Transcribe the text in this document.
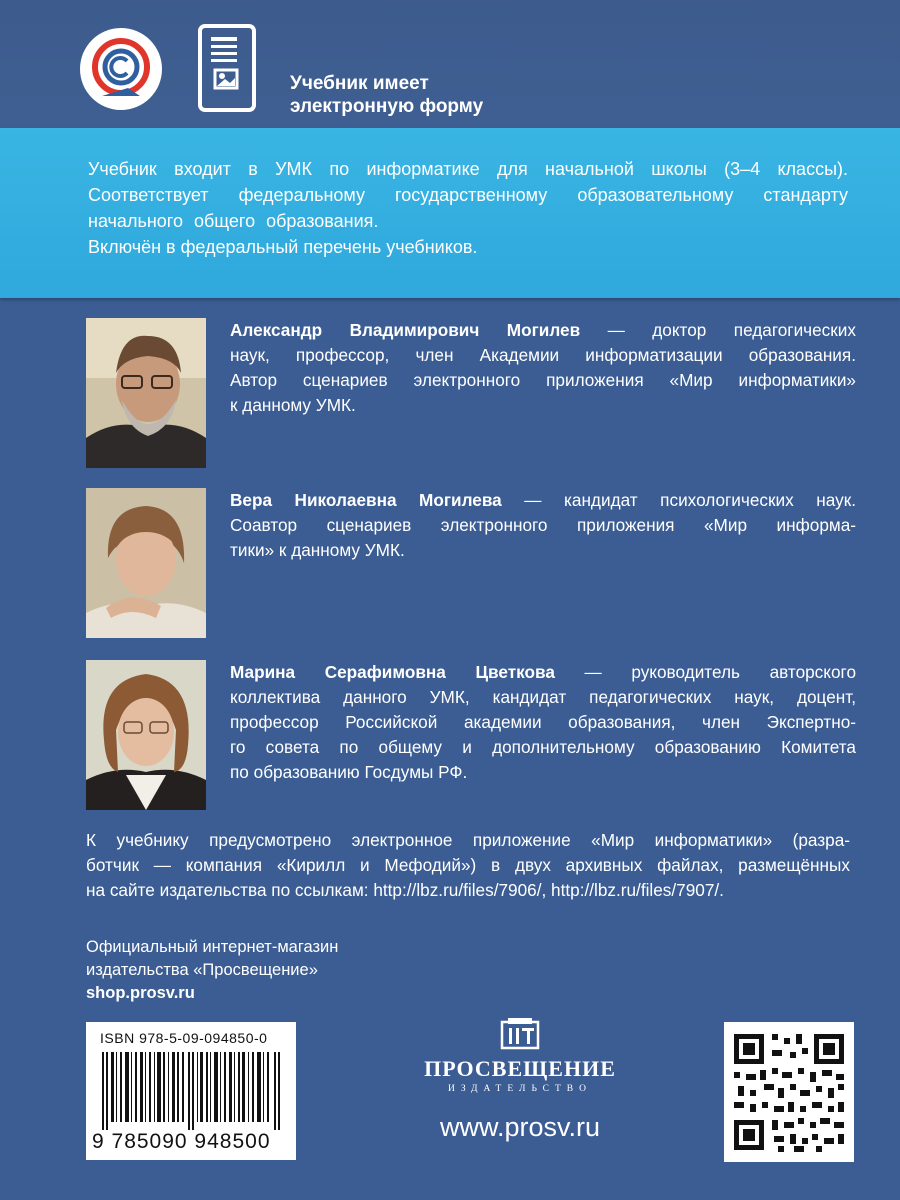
Учебник имеет
электронную форму
Учебник входит в УМК по информатике для начальной школы (3–4 классы).
Соответствует федеральному государственному образовательному стандарту
начального общего образования.
Включён в федеральный перечень учебников.
Александр Владимирович Могилев — доктор педагогических
наук, профессор, член Академии информатизации образования.
Автор сценариев электронного приложения «Мир информатики»
к данному УМК.
Вера Николаевна Могилева — кандидат психологических наук.
Соавтор сценариев электронного приложения «Мир информа-
тики» к данному УМК.
Марина Серафимовна Цветкова — руководитель авторского
коллектива данного УМК, кандидат педагогических наук, доцент,
профессор Российской академии образования, член Экспертно-
го совета по общему и дополнительному образованию Комитета
по образованию Госдумы РФ.
К учебнику предусмотрено электронное приложение «Мир информатики» (разра-
ботчик — компания «Кирилл и Мефодий») в двух архивных файлах, размещённых
на сайте издательства по ссылкам: http://lbz.ru/files/7906/, http://lbz.ru/files/7907/.
Официальный интернет-магазин
издательства «Просвещение»
shop.prosv.ru
ISBN 978-5-09-094850-0
9 785090 948500
ПРОСВЕЩЕНИЕ
ИЗДАТЕЛЬСТВО
www.prosv.ru
